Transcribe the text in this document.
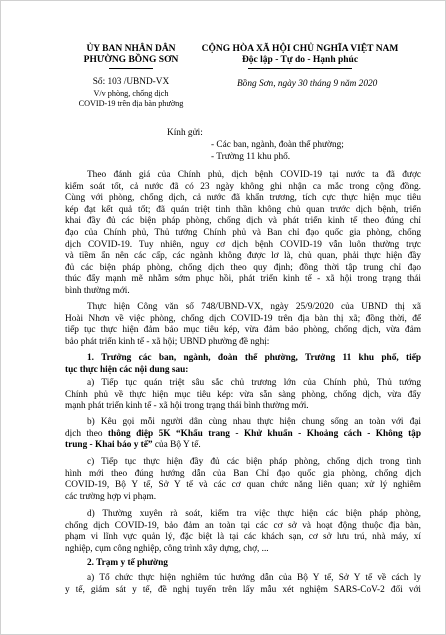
ỦY BAN NHÂN DÂN
PHƯỜNG BỒNG SƠN
CỘNG HÒA XÃ HỘI CHỦ NGHĨA VIỆT NAM
Độc lập - Tự do - Hạnh phúc
Số: 103 /UBND-VX
V/v phòng, chống dịch
COVID-19 trên địa bàn phường
Bồng Sơn, ngày 30 tháng 9 năm 2020
Kính gửi:
- Các ban, ngành, đoàn thể phường;
- Trường 11 khu phố.
Theo đánh giá của Chính phủ, dịch bệnh COVID-19 tại nước ta đã được
kiểm soát tốt, cả nước đã có 23 ngày không ghi nhận ca mắc trong cộng đồng.
Cùng với phòng, chống dịch, cả nước đã khẩn trương, tích cực thực hiện mục tiêu
kép đạt kết quả tốt; đã quán triệt tinh thần không chủ quan trước dịch bệnh, triển
khai đầy đủ các biện pháp phòng, chống dịch và phát triển kinh tế theo đúng chỉ
đạo của Chính phủ, Thủ tướng Chính phủ và Ban chỉ đạo quốc gia phòng, chống
dịch COVID-19. Tuy nhiên, nguy cơ dịch bệnh COVID-19 vẫn luôn thường trực
và tiềm ẩn nên các cấp, các ngành không được lơ là, chủ quan, phải thực hiện đầy
đủ các biện pháp phòng, chống dịch theo quy định; đồng thời tập trung chỉ đạo
thúc đẩy mạnh mẽ nhằm sớm phục hồi, phát triển kinh tế - xã hội trong trạng thái
bình thường mới.
Thực hiện Công văn số 748/UBND-VX, ngày 25/9/2020 của UBND thị xã
Hoài Nhơn về việc phòng, chống dịch COVID-19 trên địa bàn thị xã; đồng thời, để
tiếp tục thực hiện đảm bảo mục tiêu kép, vừa đảm bảo phòng, chống dịch, vừa đảm
bảo phát triển kinh tế - xã hội; UBND phường đề nghị:
1. Trưởng các ban, ngành, đoàn thể phường, Trưởng 11 khu phố, tiếp
tục thực hiện các nội dung sau:
a) Tiếp tục quán triệt sâu sắc chủ trương lớn của Chính phủ, Thủ tướng
Chính phủ về thực hiện mục tiêu kép: vừa sẵn sàng phòng, chống dịch, vừa đẩy
mạnh phát triển kinh tế - xã hội trong trạng thái bình thường mới.
b) Kêu gọi mỗi người dân cùng nhau thực hiện chung sống an toàn với đại
dịch theo thông điệp 5K “Khẩu trang - Khử khuẩn - Khoảng cách - Không tập
trung - Khai báo y tế” của Bộ Y tế.
c) Tiếp tục thực hiện đầy đủ các biện pháp phòng, chống dịch trong tình
hình mới theo đúng hướng dẫn của Ban Chỉ đạo quốc gia phòng, chống dịch
COVID-19, Bộ Y tế, Sở Y tế và các cơ quan chức năng liên quan; xử lý nghiêm
các trường hợp vi phạm.
d) Thường xuyên rà soát, kiểm tra việc thực hiện các biện pháp phòng,
chống dịch COVID-19, bảo đảm an toàn tại các cơ sở và hoạt động thuộc địa bàn,
phạm vi lĩnh vực quản lý, đặc biệt là tại các khách sạn, cơ sở lưu trú, nhà máy, xí
nghiệp, cụm công nghiệp, công trình xây dựng, chợ, ...
2. Trạm y tế phường
a) Tổ chức thực hiện nghiêm túc hướng dẫn của Bộ Y tế, Sở Y tế về cách ly
y tế, giám sát y tế, đề nghị tuyến trên lấy mẫu xét nghiệm SARS-CoV-2 đối với
